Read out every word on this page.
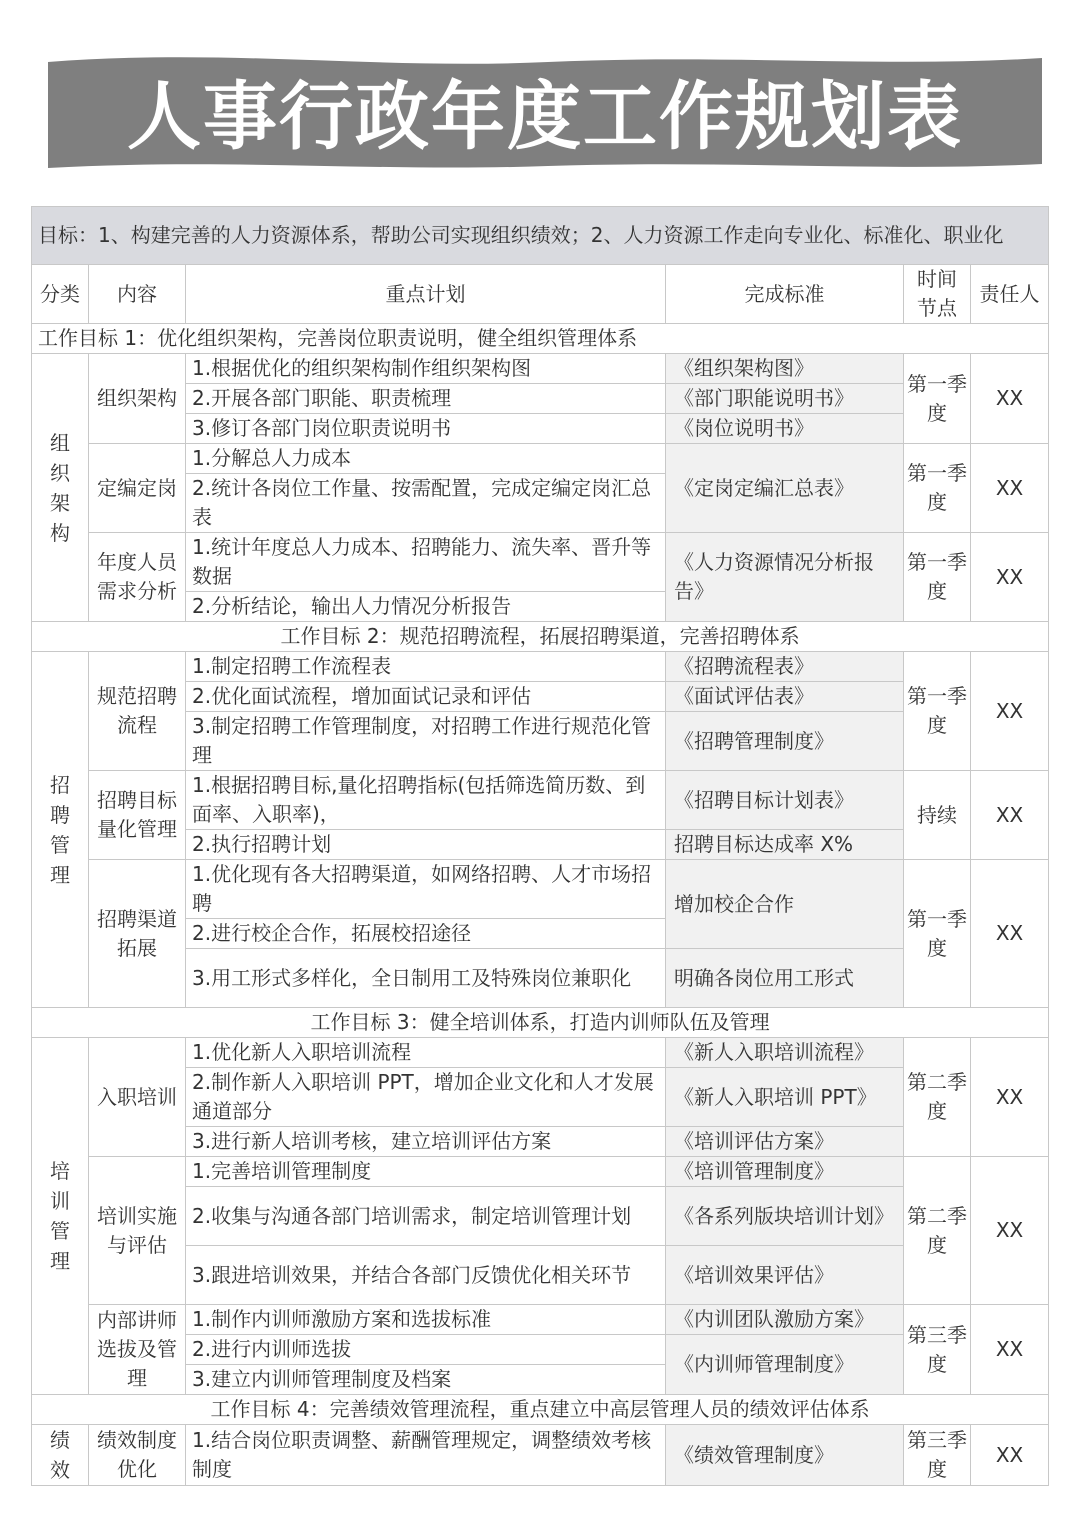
人事行政年度工作规划表
目标：1、构建完善的人力资源体系，帮助公司实现组织绩效；2、人力资源工作走向专业化、标准化、职业化					
分类	内容	重点计划	完成标准	时间节点	责任人
工作目标 1：优化组织架构，完善岗位职责说明，健全组织管理体系					
组织架构	组织架构	1.根据优化的组织架构制作组织架构图	《组织架构图》	第一季度	XX
		2.开展各部门职能、职责梳理	《部门职能说明书》		
		3.修订各部门岗位职责说明书	《岗位说明书》		
	定编定岗	1.分解总人力成本	《定岗定编汇总表》	第一季度	XX
		2.统计各岗位工作量、按需配置，完成定编定岗汇总表			
	年度人员需求分析	1.统计年度总人力成本、招聘能力、流失率、晋升等数据	《人力资源情况分析报告》	第一季度	XX
		2.分析结论，输出人力情况分析报告			
工作目标 2：规范招聘流程，拓展招聘渠道，完善招聘体系					
招聘管理	规范招聘流程	1.制定招聘工作流程表	《招聘流程表》	第一季度	XX
		2.优化面试流程，增加面试记录和评估	《面试评估表》		
		3.制定招聘工作管理制度，对招聘工作进行规范化管理	《招聘管理制度》		
	招聘目标量化管理	1.根据招聘目标,量化招聘指标(包括筛选简历数、到面率、入职率)，	《招聘目标计划表》	持续	XX
		2.执行招聘计划	招聘目标达成率 X%		
	招聘渠道拓展	1.优化现有各大招聘渠道，如网络招聘、人才市场招聘	增加校企合作	第一季度	XX
		2.进行校企合作，拓展校招途径			
		3.用工形式多样化，全日制用工及特殊岗位兼职化	明确各岗位用工形式		
工作目标 3：健全培训体系，打造内训师队伍及管理					
培训管理	入职培训	1.优化新人入职培训流程	《新人入职培训流程》	第二季度	XX
		2.制作新人入职培训 PPT，增加企业文化和人才发展通道部分	《新人入职培训 PPT》		
		3.进行新人培训考核，建立培训评估方案	《培训评估方案》		
	培训实施与评估	1.完善培训管理制度	《培训管理制度》	第二季度	XX
		2.收集与沟通各部门培训需求，制定培训管理计划	《各系列版块培训计划》		
		3.跟进培训效果，并结合各部门反馈优化相关环节	《培训效果评估》		
	内部讲师选拔及管理	1.制作内训师激励方案和选拔标准	《内训团队激励方案》	第三季度	XX
		2.进行内训师选拔	《内训师管理制度》		
		3.建立内训师管理制度及档案			
工作目标 4：完善绩效管理流程，重点建立中高层管理人员的绩效评估体系					
绩效	绩效制度优化	1.结合岗位职责调整、薪酬管理规定，调整绩效考核制度	《绩效管理制度》	第三季度	XX
